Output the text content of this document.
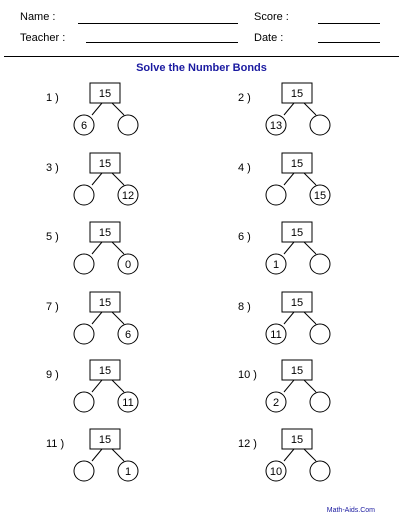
Name :	Score :
Teacher :	Date :
Solve the Number Bonds
1 )	15
6
2 )	15
13
3 )	15
12
4 )	15
15
5 )	15
0
6 )	15
1
7 )	15
6
8 )	15
11
9 )	15
11
10 )	15
2
11 )	15
1
12 )	15
10
Math-Aids.Com
